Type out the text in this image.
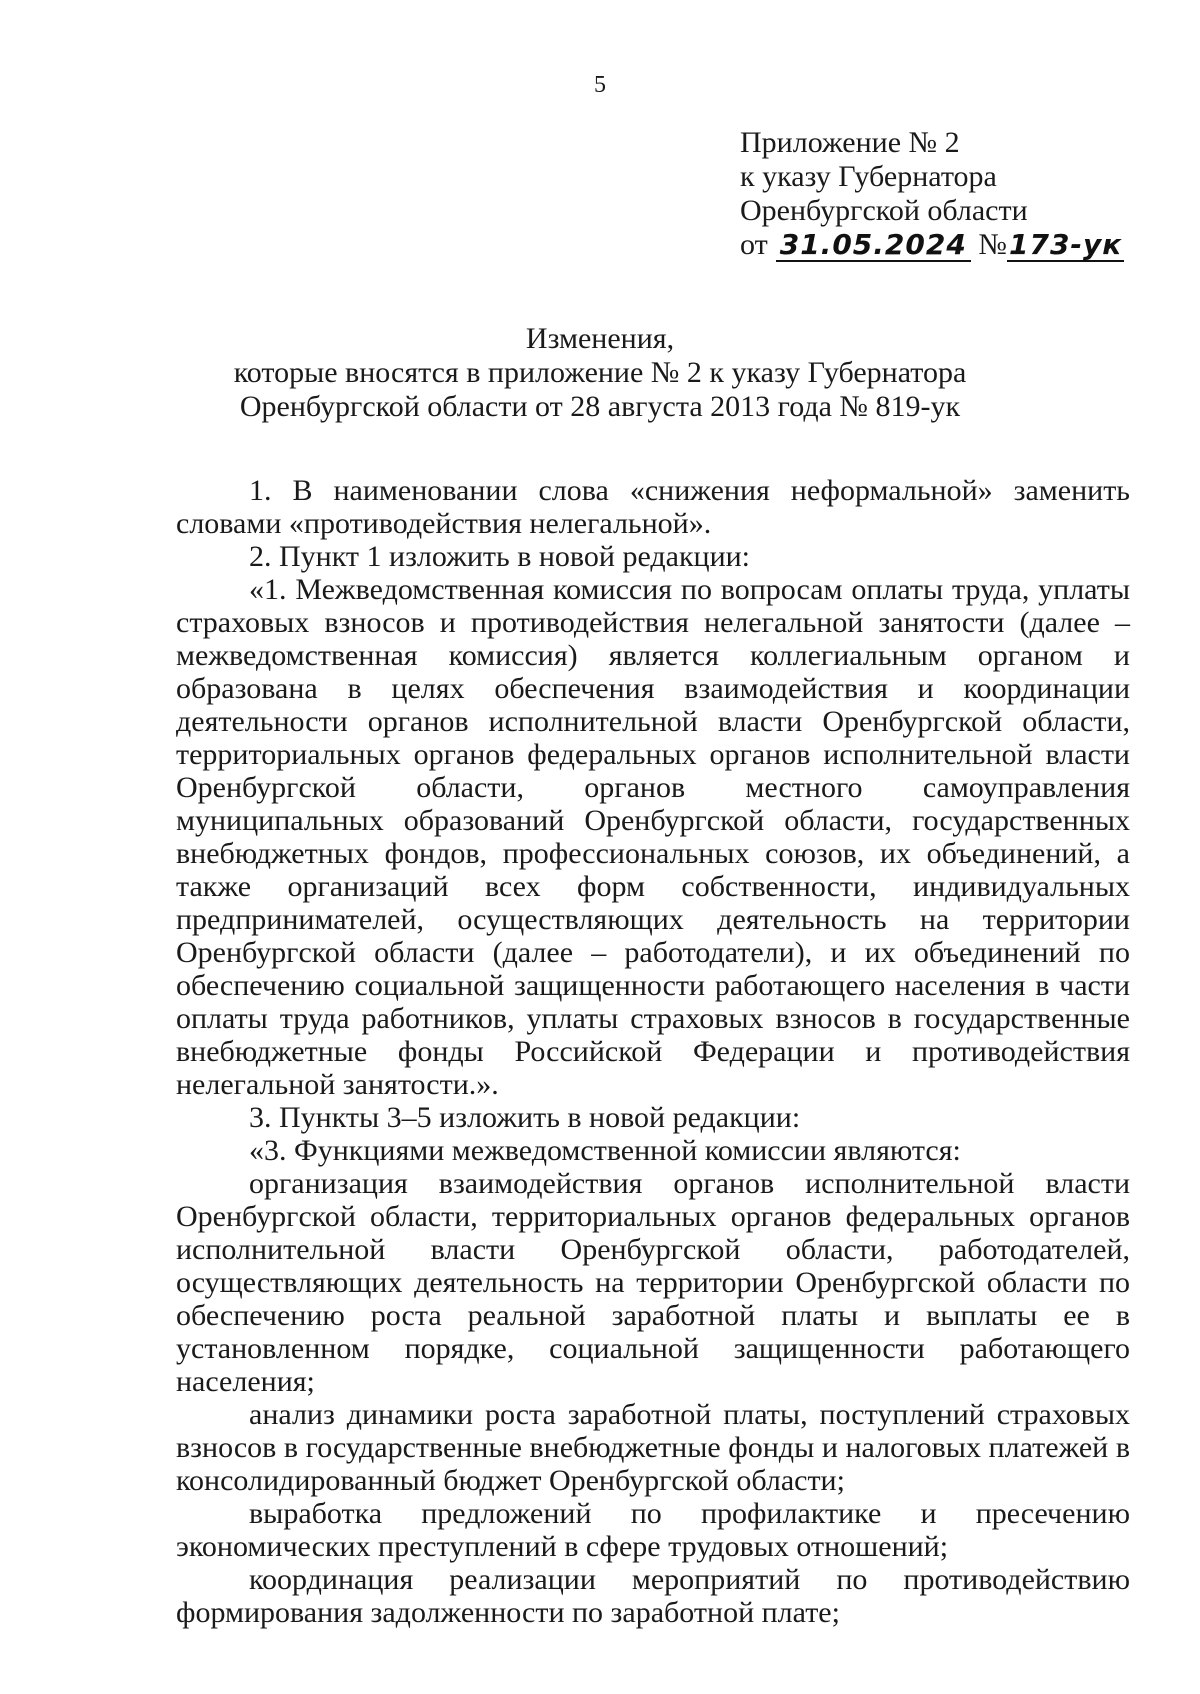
5
Приложение № 2
к указу Губернатора
Оренбургской области
от 31.05.2024 №173-ук
Изменения,
которые вносятся в приложение № 2 к указу Губернатора
Оренбургской области от 28 августа 2013 года № 819-ук

1. В наименовании слова «снижения неформальной» заменить словами «противодействия нелегальной».

2. Пункт 1 изложить в новой редакции:

«1. Межведомственная комиссия по вопросам оплаты труда, уплаты страховых взносов и противодействия нелегальной занятости (далее – межведомственная комиссия) является коллегиальным органом и образована в целях обеспечения взаимодействия и координации деятельности органов исполнительной власти Оренбургской области, территориальных органов федеральных органов исполнительной власти Оренбургской области, органов местного самоуправления муниципальных образований Оренбургской области, государственных внебюджетных фондов, профессиональных союзов, их объединений, а также организаций всех форм собственности, индивидуальных предпринимателей, осуществляющих деятельность на территории Оренбургской области (далее – работодатели), и их объединений по обеспечению социальной защищенности работающего населения в части оплаты труда работников, уплаты страховых взносов в государственные внебюджетные фонды Российской Федерации и противодействия нелегальной занятости.».

3. Пункты 3–5 изложить в новой редакции:

«3. Функциями межведомственной комиссии являются:

организация взаимодействия органов исполнительной власти Оренбургской области, территориальных органов федеральных органов исполнительной власти Оренбургской области, работодателей, осуществляющих деятельность на территории Оренбургской области по обеспечению роста реальной заработной платы и выплаты ее в установленном порядке, социальной защищенности работающего населения;

анализ динамики роста заработной платы, поступлений страховых взносов в государственные внебюджетные фонды и налоговых платежей в консолидированный бюджет Оренбургской области;

выработка предложений по профилактике и пресечению экономических преступлений в сфере трудовых отношений;

координация реализации мероприятий по противодействию формирования задолженности по заработной плате;
